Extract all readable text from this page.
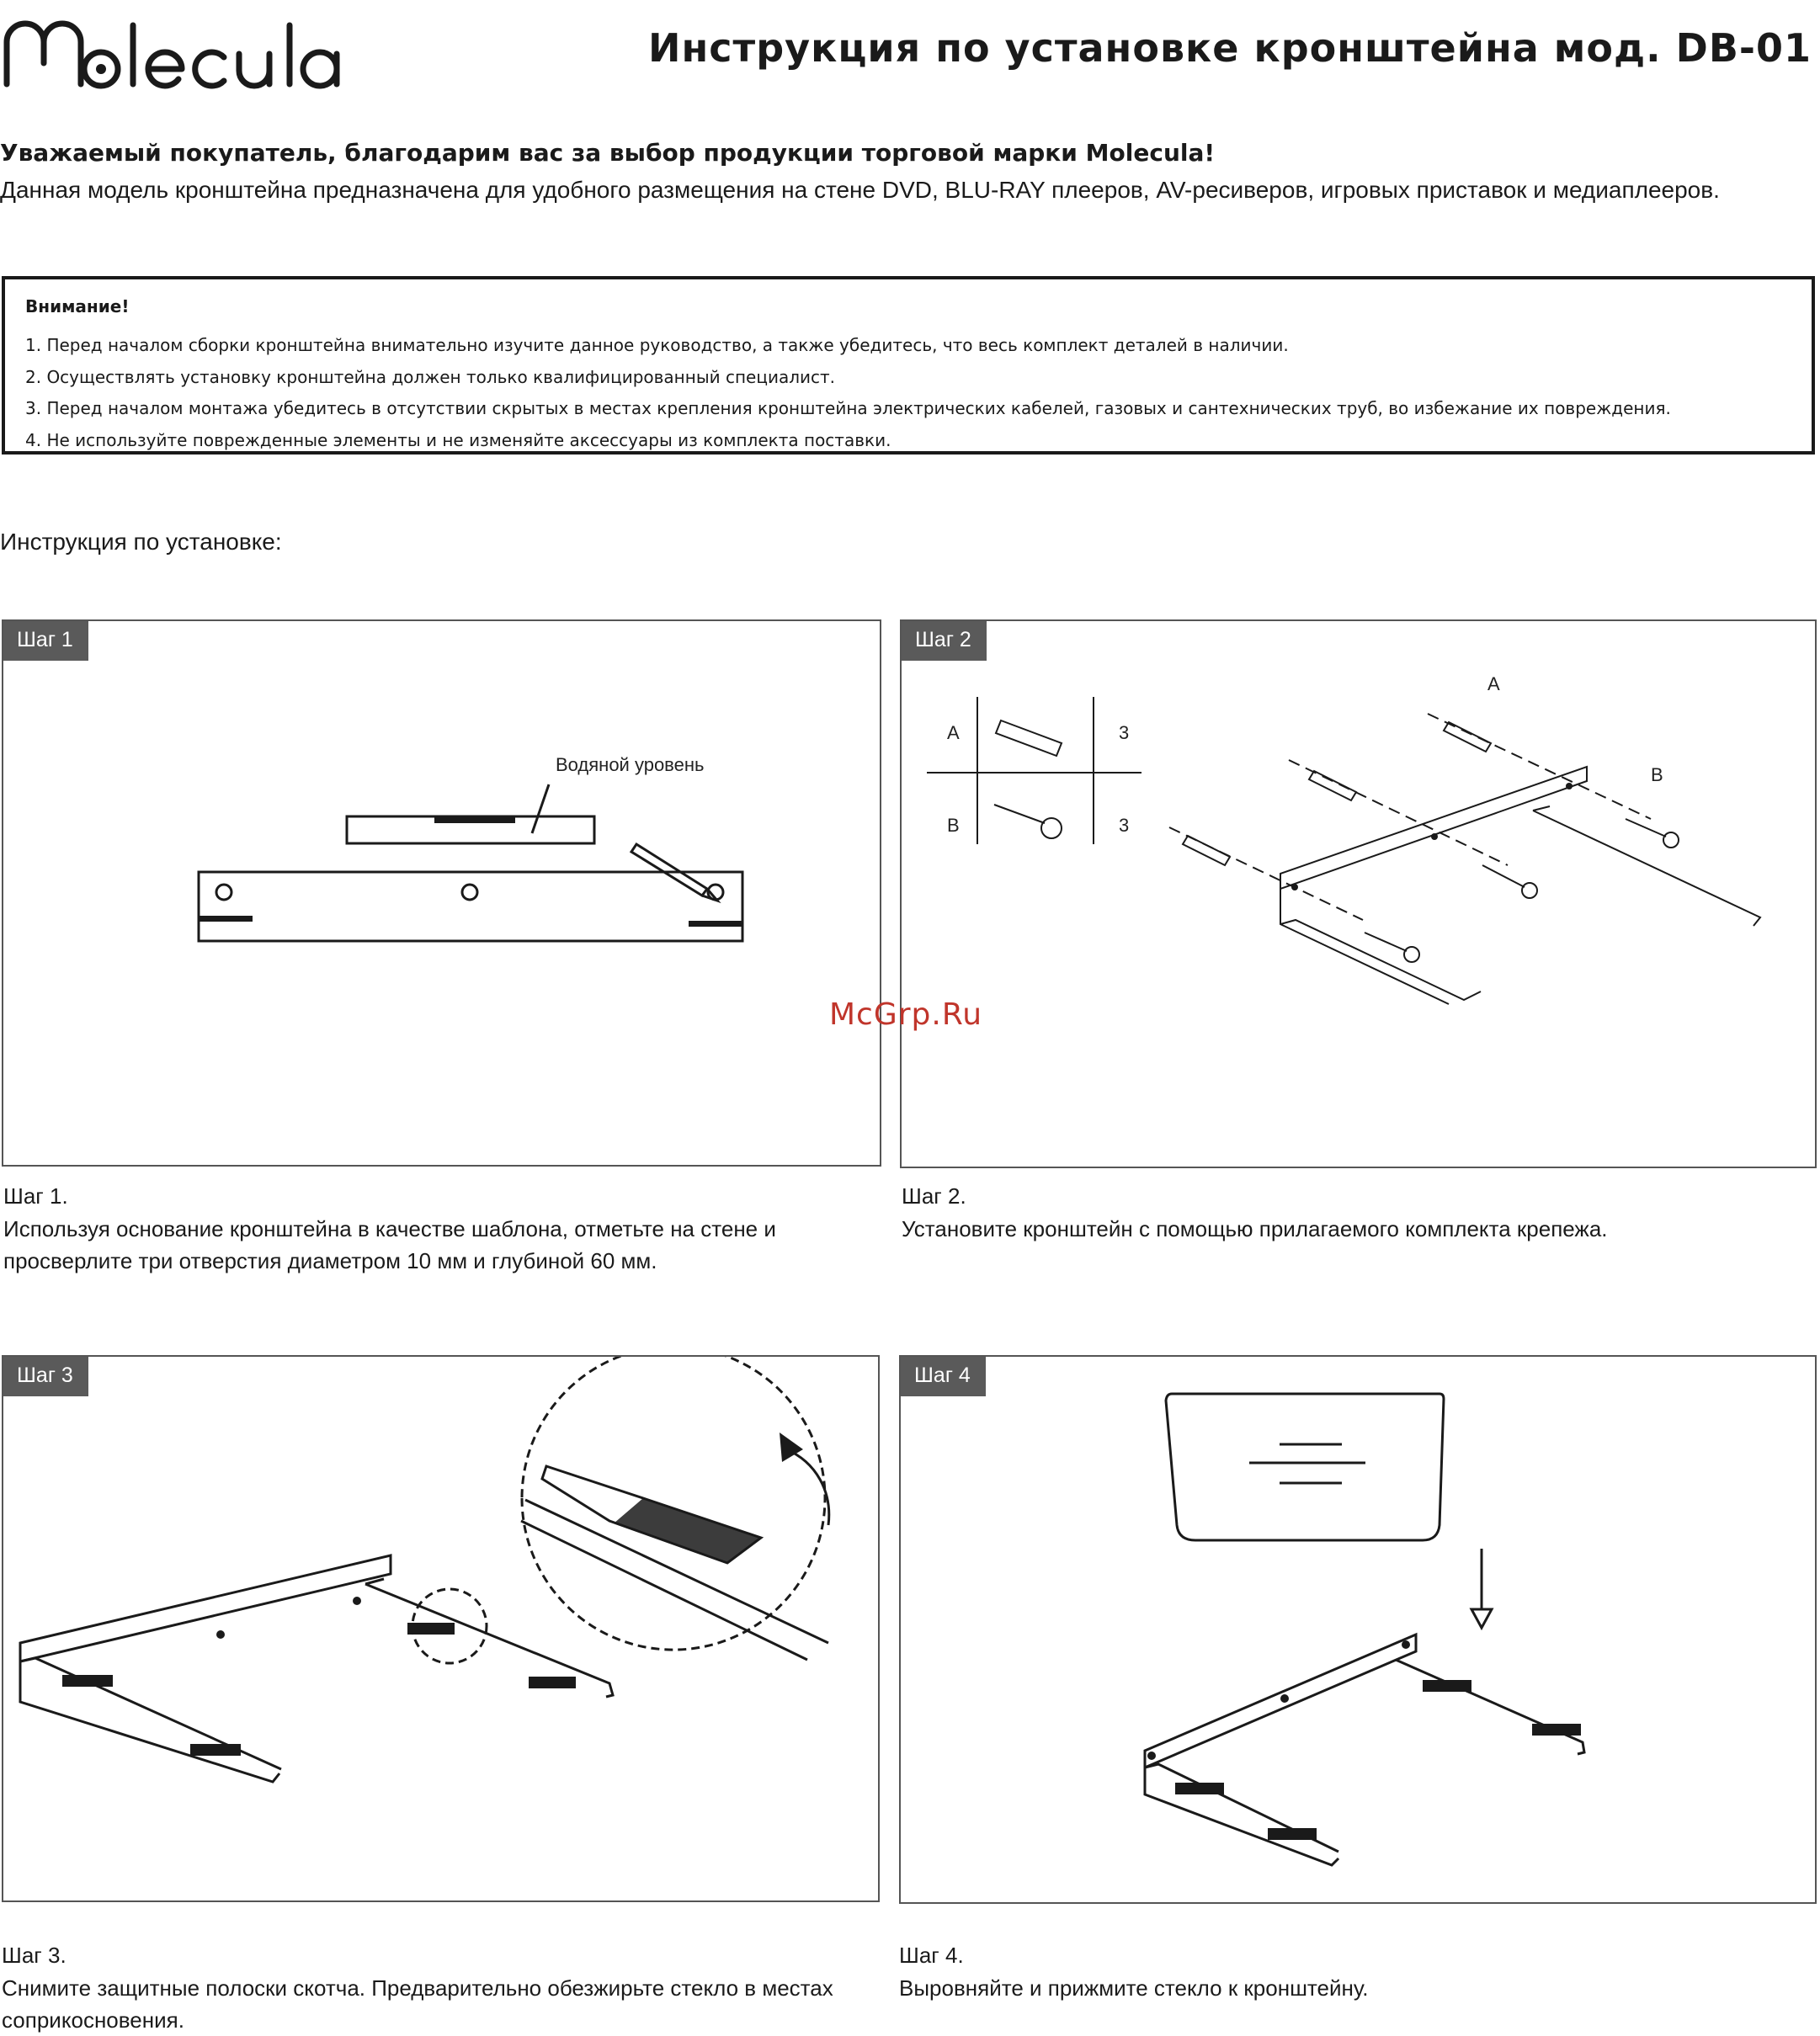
Инструкция по установке кронштейна мод. DB-01
Уважаемый покупатель, благодарим вас за выбор продукции торговой марки Molecula!
Данная модель кронштейна предназначена для удобного размещения на стене DVD, BLU-RAY плееров, AV-ресиверов, игровых приставок и медиаплееров.
Внимание!
1. Перед началом сборки кронштейна внимательно изучите данное руководство, а также убедитесь, что весь комплект деталей в наличии.
2. Осуществлять установку кронштейна должен только квалифицированный специалист.
3. Перед началом монтажа убедитесь в отсутствии скрытых в местах крепления кронштейна электрических кабелей, газовых и сантехнических труб, во избежание их повреждения.
4. Не используйте поврежденные элементы и не изменяйте аксессуары из комплекта поставки.
Инструкция по установке:
Водяной уровень
Шаг 1
A	3
B	3
A
B
Шаг 2
Шаг 1.
Используя основание кронштейна в качестве шаблона, отметьте на стене и
просверлите три отверстия диаметром 10 мм и глубиной 60 мм.
Шаг 2.
Установите кронштейн с помощью прилагаемого комплекта крепежа.
Шаг 3	Шаг 4
Шаг 3.
Снимите защитные полоски скотча. Предварительно обезжирьте стекло в местах
соприкосновения.
Шаг 4.
Выровняйте и прижмите стекло к кронштейну.
McGrp.Ru
